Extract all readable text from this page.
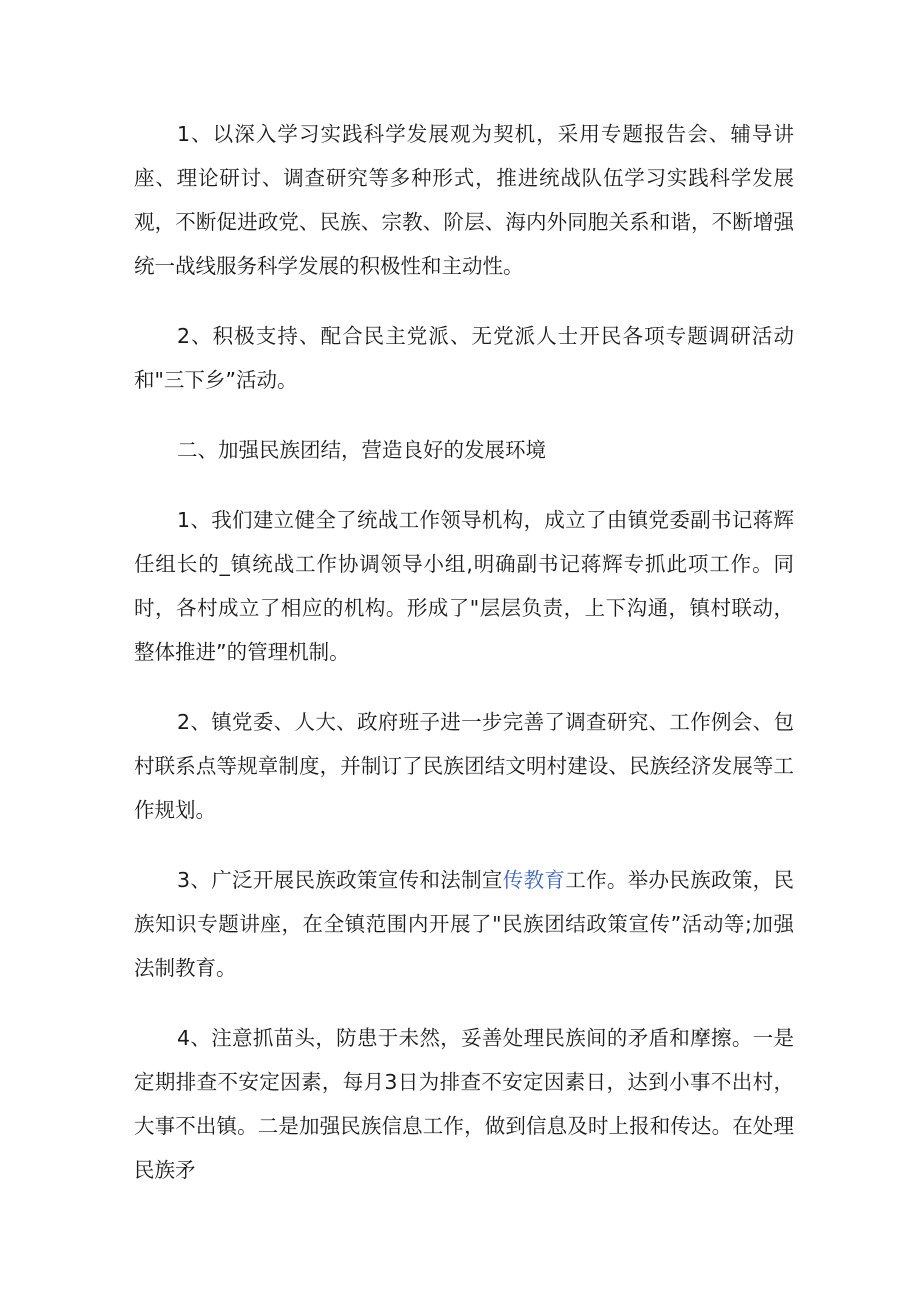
1、以深入学习实践科学发展观为契机，采用专题报告会、辅导讲座、理论研讨、调查研究等多种形式，推进统战队伍学习实践科学发展观，不断促进政党、民族、宗教、阶层、海内外同胞关系和谐，不断增强统一战线服务科学发展的积极性和主动性。

2、积极支持、配合民主党派、无党派人士开民各项专题调研活动和"三下乡”活动。

二、加强民族团结，营造良好的发展环境

1、我们建立健全了统战工作领导机构，成立了由镇党委副书记蒋辉任组长的_镇统战工作协调领导小组,明确副书记蒋辉专抓此项工作。同时，各村成立了相应的机构。形成了"层层负责，上下沟通，镇村联动，整体推进”的管理机制。

2、镇党委、人大、政府班子进一步完善了调查研究、工作例会、包村联系点等规章制度，并制订了民族团结文明村建设、民族经济发展等工作规划。

3、广泛开展民族政策宣传和法制宣传教育工作。举办民族政策，民族知识专题讲座，在全镇范围内开展了"民族团结政策宣传”活动等;加强法制教育。

4、注意抓苗头，防患于未然，妥善处理民族间的矛盾和摩擦。一是定期排查不安定因素，每月3日为排查不安定因素日，达到小事不出村，大事不出镇。二是加强民族信息工作，做到信息及时上报和传达。在处理民族矛
